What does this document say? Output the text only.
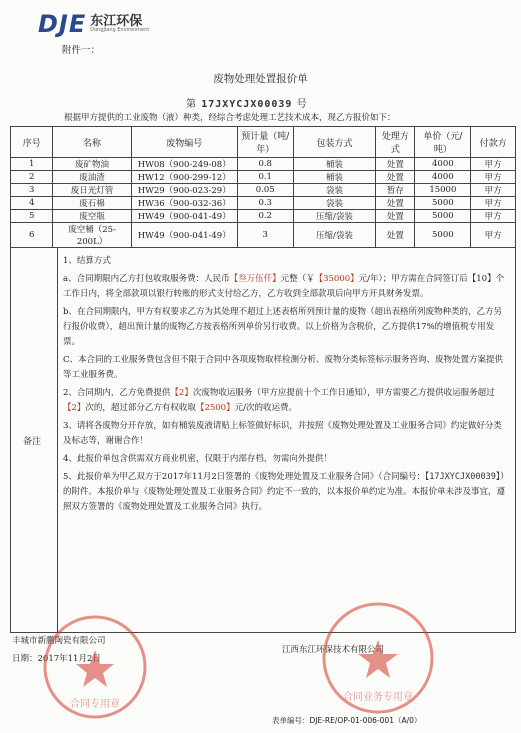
DJE 东江环保
Dongjiang Environment
附件一：
废物处理处置报价单
第 17JXYCJX00039 号
根据甲方提供的工业废物（液）种类，经综合考虑处理工艺技术成本，现乙方报价如下：
序号	名称	废物编号	预计量（吨/年）	包装方式	处理方式	单价（元/吨）	付款方
1	废矿物油	HW08（900-249-08）	0.8	桶装	处置	4000	甲方
2	废油渣	HW12（900-299-12）	0.1	桶装	处置	4000	甲方
3	废日光灯管	HW29（900-023-29）	0.05	袋装	暂存	15000	甲方
4	废石棉	HW36（900-032-36）	0.3	袋装	处置	5000	甲方
5	废空瓶	HW49（900-041-49）	0.2	压缩/袋装	处置	5000	甲方
6	废空桶（25-200L）	HW49（900-041-49）	3	压缩/袋装	处置	5000	甲方
备注

1、结算方式

a、合同期限内乙方打包收取服务费：人民币【叁万伍仟】元整（￥【35000】元/年）；甲方需在合同签订后【10】个工作日内，将全部款项以银行转账的形式支付给乙方，乙方收到全部款项后向甲方开具财务发票。

b、在合同期限内，甲方有权要求乙方为其处理不超过上述表格所列预计量的废物（超出表格所列废物种类的，乙方另行报价收费），超出预计量的废物乙方按表格所列单价另行收费。以上价格为含税价，乙方提供17%的增值税专用发票。

C、本合同的工业服务费包含但不限于合同中各项废物取样检测分析、废物分类标签标示服务咨询、废物处置方案提供等工业服务费。

2、合同期内，乙方免费提供【2】次废物收运服务（甲方应提前十个工作日通知），甲方需要乙方提供收运服务超过【2】次的，超过部分乙方有权收取【2500】元/次的收运费。

3、请将各废物分开存放，如有桶装废液请贴上标签做好标识，并按照《废物处理处置及工业服务合同》约定做好分类及标志等，谢谢合作！

4、此报价单包含供需双方商业机密，仅限于内部存档，勿需向外提供！

5、此报价单为甲乙双方于2017年11月2日签署的《废物处理处置及工业服务合同》（合同编号：【17JXYCJX00039】）的附件。本报价单与《废物处理处置及工业服务合同》约定不一致的，以本报价单约定为准。本报价单未涉及事宜，遵照双方签署的《废物处理处置及工业服务合同》执行。

丰城市新鹏陶瓷有限公司
日期：2017年11月2日
江西东江环保技术有限公司
合同专用章
合同业务专用章
表单编号：DJE-RE/OP-01-006-001（A/0）
